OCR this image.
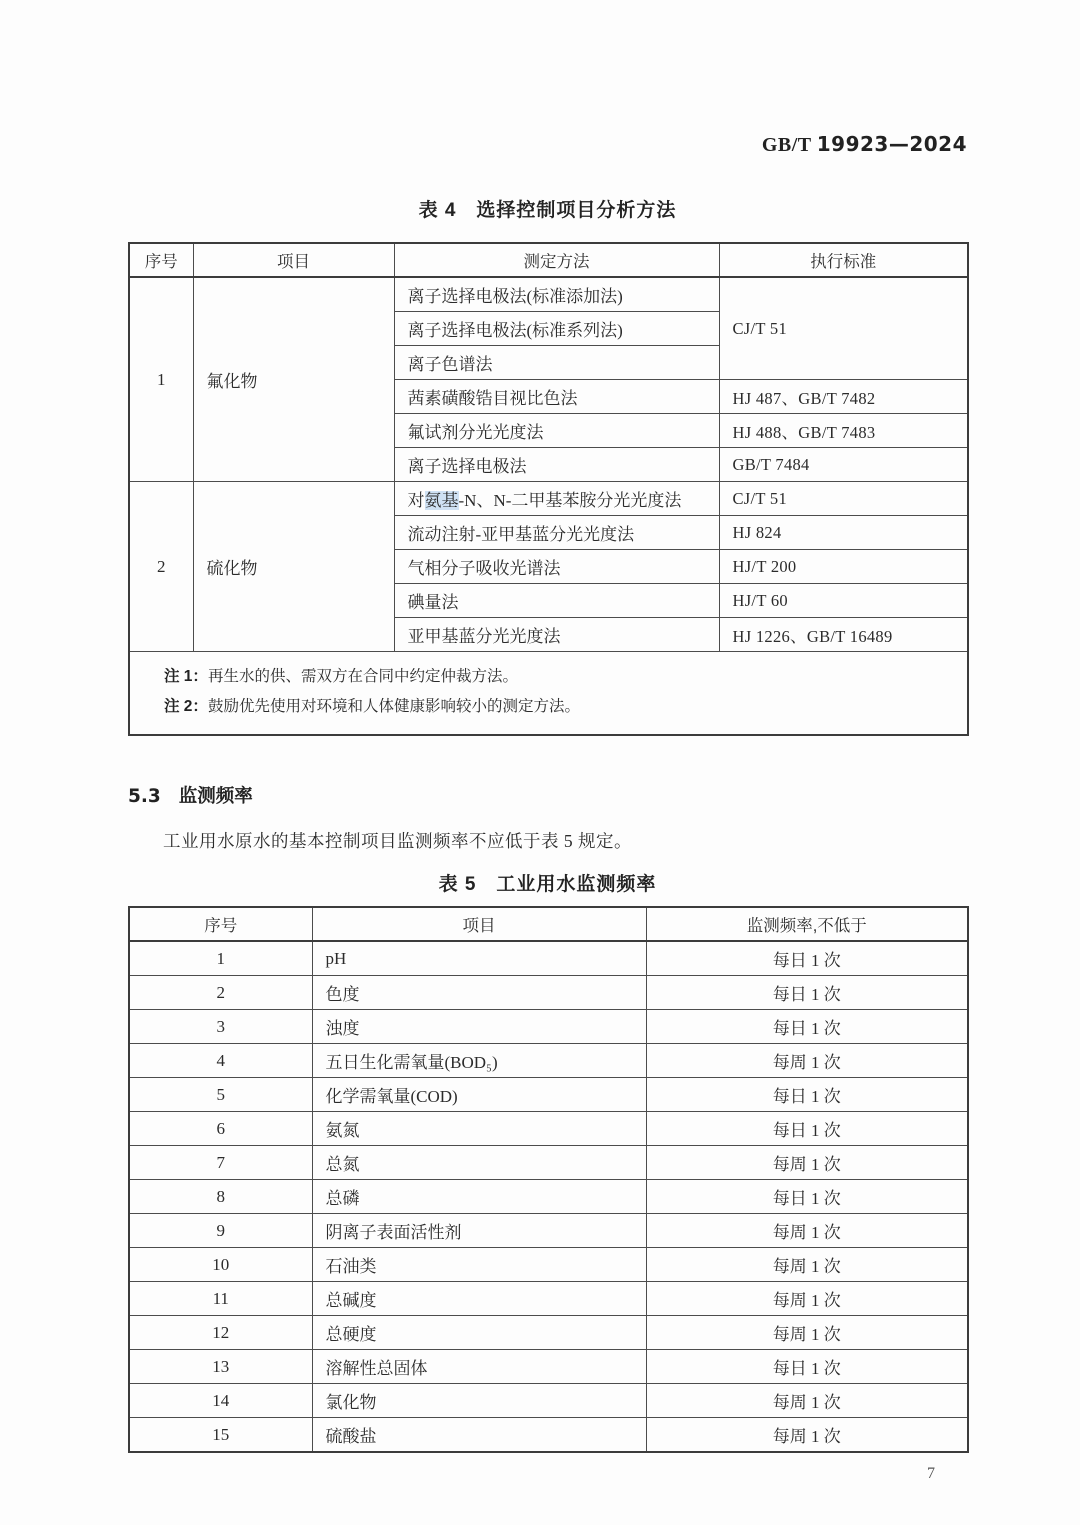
GB/T 19923—2024
表 4　选择控制项目分析方法
序号	项目	测定方法	执行标准
1	氟化物	离子选择电极法(标准添加法)	CJ/T 51
		离子选择电极法(标准系列法)	
		离子色谱法	
		茜素磺酸锆目视比色法	HJ 487、GB/T 7482
		氟试剂分光光度法	HJ 488、GB/T 7483
		离子选择电极法	GB/T 7484
2	硫化物	对氨基-N、N-二甲基苯胺分光光度法	CJ/T 51
		流动注射-亚甲基蓝分光光度法	HJ 824
		气相分子吸收光谱法	HJ/T 200
		碘量法	HJ/T 60
		亚甲基蓝分光光度法	HJ 1226、GB/T 16489

注 1：再生水的供、需双方在合同中约定仲裁方法。
注 2：鼓励优先使用对环境和人体健康影响较小的测定方法。			
5.3 监测频率
工业用水原水的基本控制项目监测频率不应低于表 5 规定。
表 5　工业用水监测频率
序号	项目	监测频率,不低于
1	pH	每日 1 次
2	色度	每日 1 次
3	浊度	每日 1 次
4	五日生化需氧量(BOD₅)	每周 1 次
5	化学需氧量(COD)	每日 1 次
6	氨氮	每日 1 次
7	总氮	每周 1 次
8	总磷	每日 1 次
9	阴离子表面活性剂	每周 1 次
10	石油类	每周 1 次
11	总碱度	每周 1 次
12	总硬度	每周 1 次
13	溶解性总固体	每日 1 次
14	氯化物	每周 1 次
15	硫酸盐	每周 1 次
7
